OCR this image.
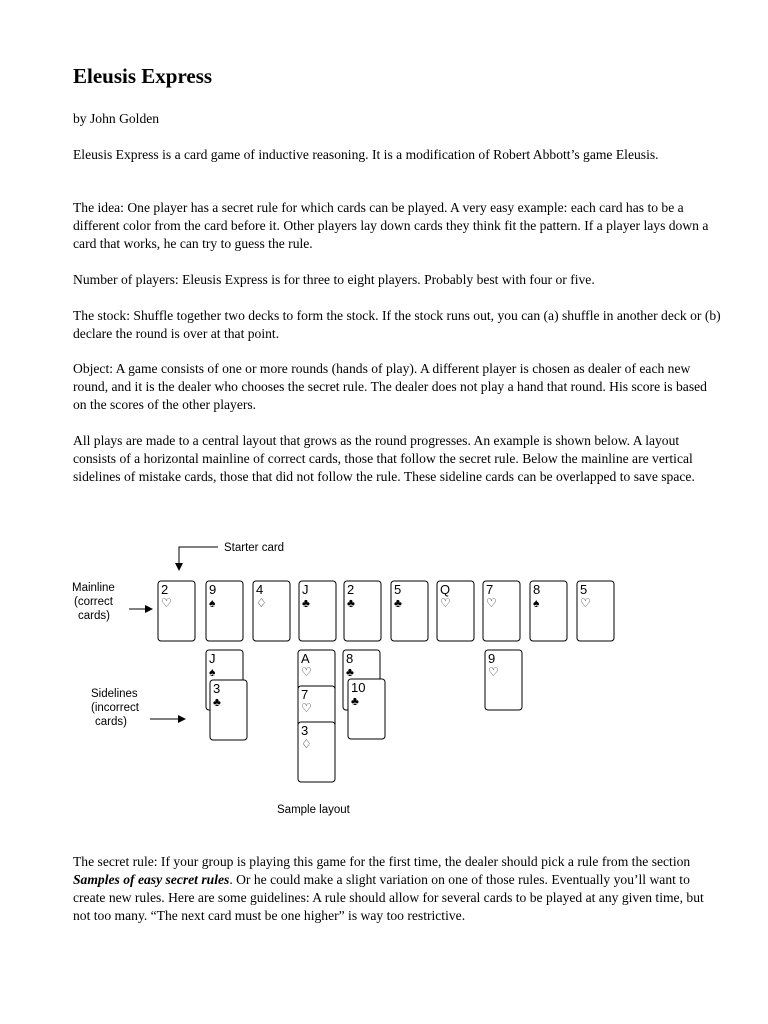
Eleusis Express

by John Golden

Eleusis Express is a card game of inductive reasoning. It is a modification of Robert Abbott’s game Eleusis.

The idea: One player has a secret rule for which cards can be played. A very easy example: each card has to be a different color from the card before it. Other players lay down cards they think fit the pattern. If a player lays down a card that works, he can try to guess the rule.

Number of players: Eleusis Express is for three to eight players. Probably best with four or five.

The stock: Shuffle together two decks to form the stock. If the stock runs out, you can (a) shuffle in another deck or (b) declare the round is over at that point.

Object: A game consists of one or more rounds (hands of play). A different player is chosen as dealer of each new round, and it is the dealer who chooses the secret rule. The dealer does not play a hand that round. His score is based on the scores of the other players.

All plays are made to a central layout that grows as the round progresses. An example is shown below. A layout consists of a horizontal mainline of correct cards, those that follow the secret rule. Below the mainline are vertical sidelines of mistake cards, those that did not follow the rule. These sideline cards can be overlapped to save space.

Starter card
Mainline
(correct
cards)
Sidelines
(incorrect
cards)
Sample layout
2
♡
9
♠
4
♢
J
♣
2
♣
5
♣
Q
♡
7
♡
8
♠
5
♡
J
♠
3
♣
A
♡
7
♡
3
♢
8
♣
10
♣
9
♡

The secret rule: If your group is playing this game for the first time, the dealer should pick a rule from the section Samples of easy secret rules. Or he could make a slight variation on one of those rules. Eventually you’ll want to create new rules. Here are some guidelines: A rule should allow for several cards to be played at any given time, but not too many. “The next card must be one higher” is way too restrictive.
